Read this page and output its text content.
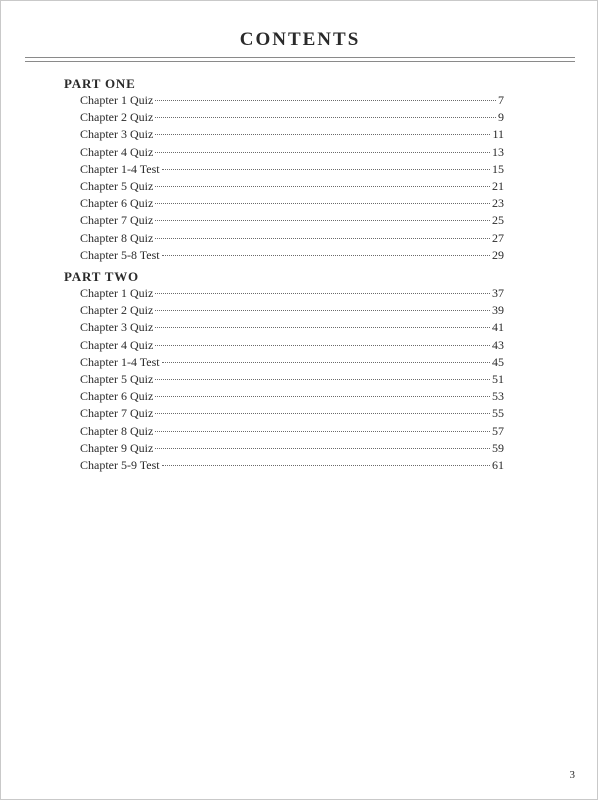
CONTENTS
PART ONE
Chapter 1 Quiz	7
Chapter 2 Quiz	9
Chapter 3 Quiz	11
Chapter 4 Quiz	13
Chapter 1-4 Test	15
Chapter 5 Quiz	21
Chapter 6 Quiz	23
Chapter 7 Quiz	25
Chapter 8 Quiz	27
Chapter 5-8 Test	29
PART TWO
Chapter 1 Quiz	37
Chapter 2 Quiz	39
Chapter 3 Quiz	41
Chapter 4 Quiz	43
Chapter 1-4 Test	45
Chapter 5 Quiz	51
Chapter 6 Quiz	53
Chapter 7 Quiz	55
Chapter 8 Quiz	57
Chapter 9 Quiz	59
Chapter 5-9 Test	61
3
